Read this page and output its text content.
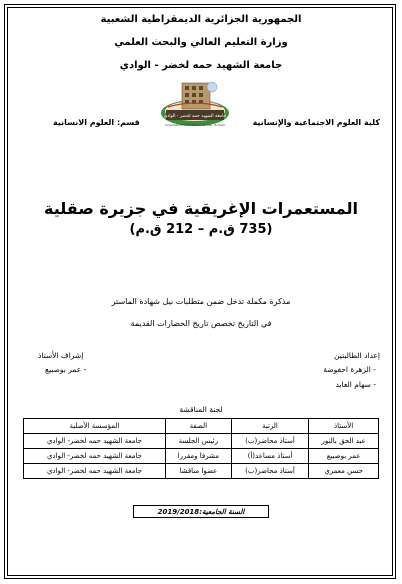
الجمهورية الجزائرية الديمقراطية الشعبية
وزارة التعليم العالي والبحث العلمي
جامعة الشهيد حمه لخضر - الوادي
كلية العلوم الاجتماعية والإنسانية
قسم: العلوم الانسانية
جامعة الشهيد حمه لخضر - الوادي
Université Echahid Hamma Lakhdar - El Oued
المستعمرات الإغريقية في جزيرة صقلية
(735 ق.م – 212 ق.م)
مذكرة مكملة تدخل ضمن متطلبات نيل شهادة الماستر
في التاريخ تخصص تاريخ الحضارات القديمة
إعداد الطالبتين
- الزهرة احفوضة
- سهام العابد
إشراف الأستاذ
- عمر بوصبيع
لجنة المناقشة
الأستاذ	الرتبة	الصفة	المؤسسة الأصلية
عبد الحق بالنور	أستاذ محاضر(ب)	رئيس الجلسة	جامعة الشهيد حمه لخضر- الوادي
عمر بوصبيع	أستاذ مساعد(أ)	مشرفا ومقررا	جامعة الشهيد حمه لخضر- الوادي
حسن معمري	أستاذ محاضر(ب)	عضوا مناقشا	جامعة الشهيد حمه لخضر- الوادي
السنة الجامعية:2019/2018
